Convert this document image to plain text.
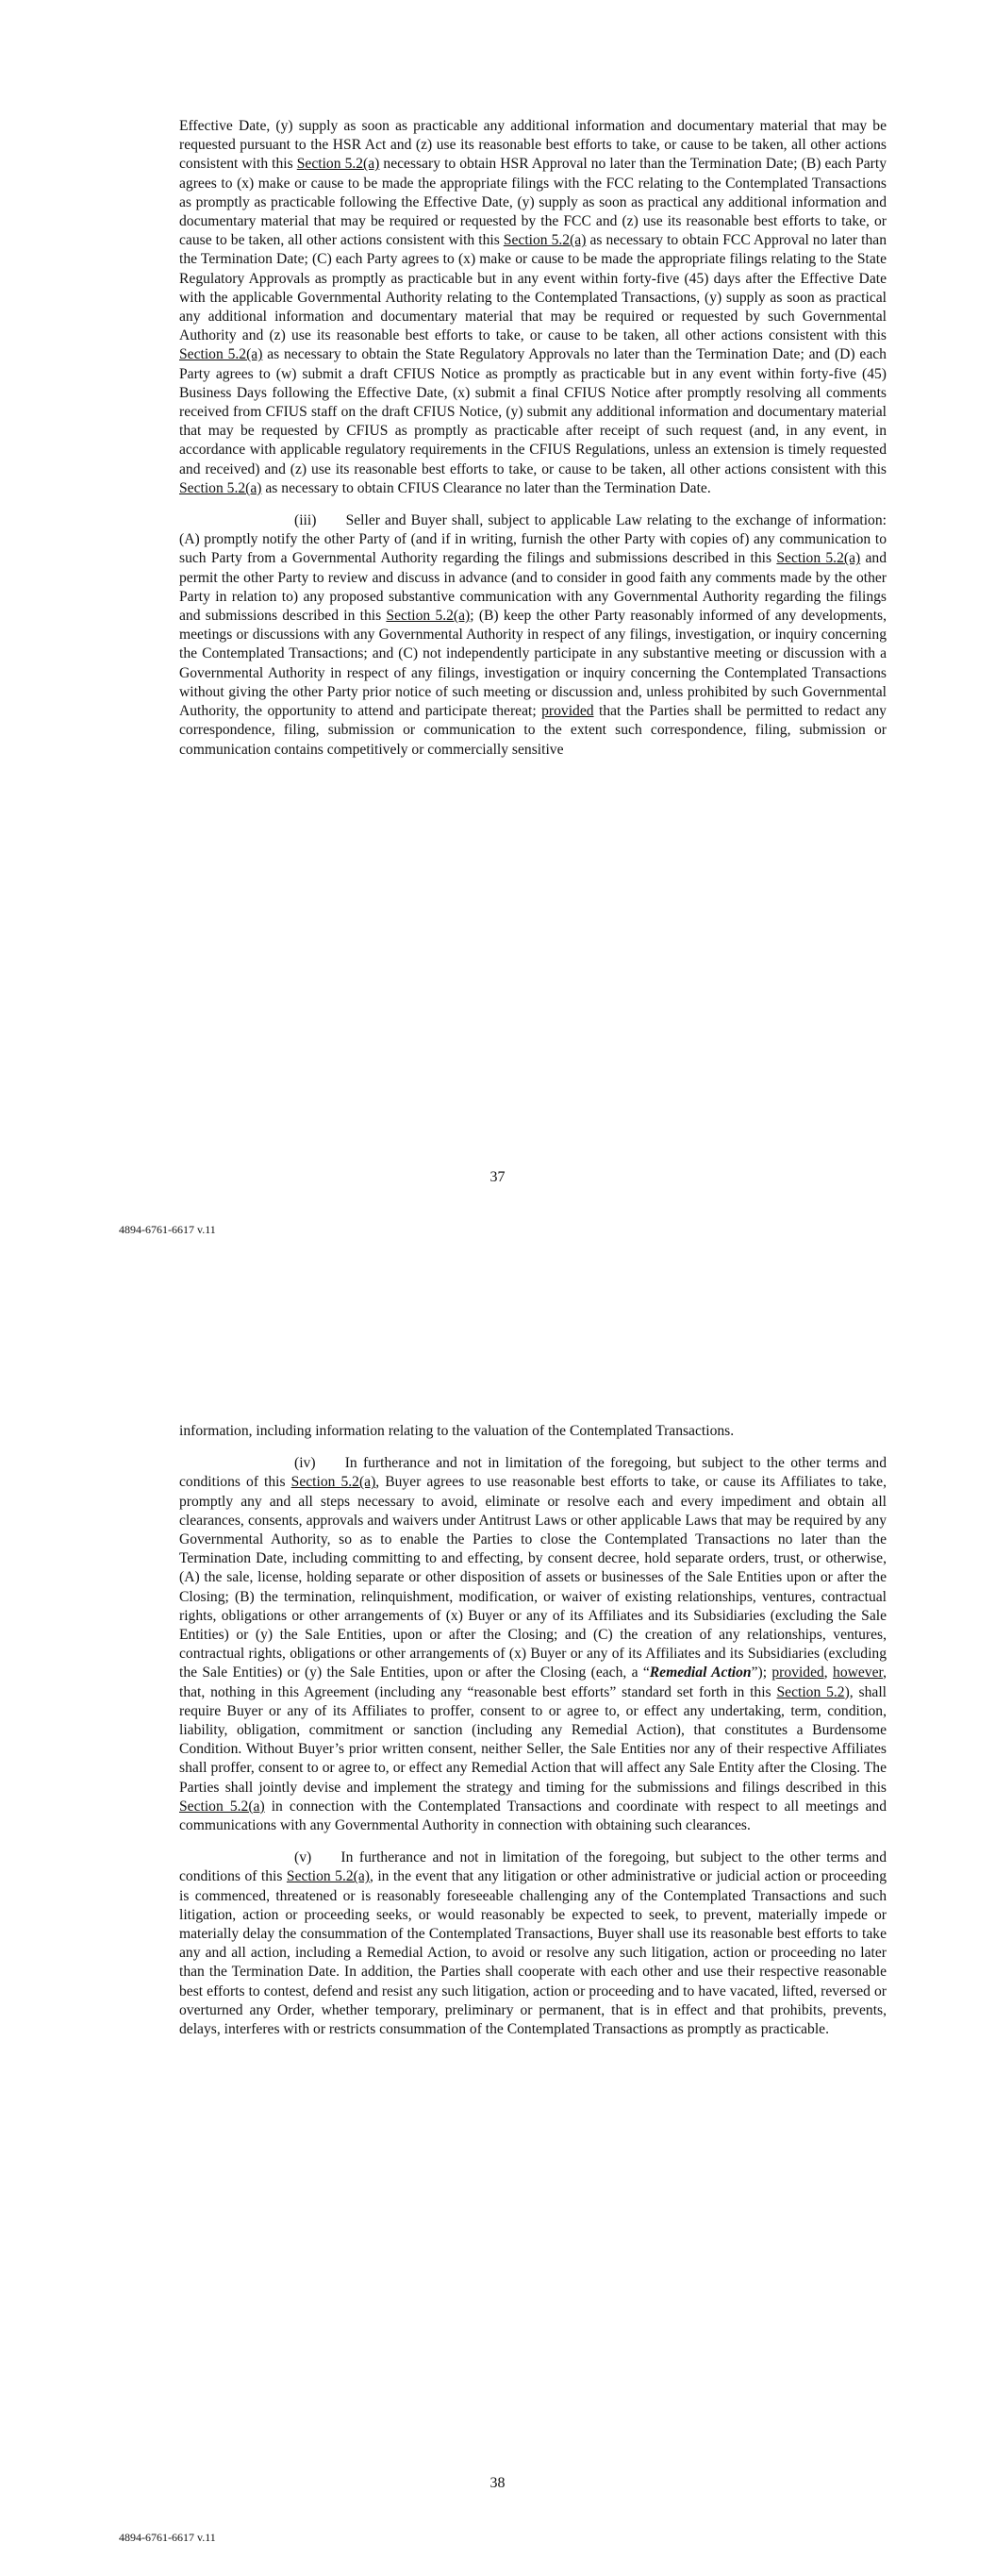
Effective Date, (y) supply as soon as practicable any additional information and documentary material that may be requested pursuant to the HSR Act and (z) use its reasonable best efforts to take, or cause to be taken, all other actions consistent with this Section 5.2(a) necessary to obtain HSR Approval no later than the Termination Date; (B) each Party agrees to (x) make or cause to be made the appropriate filings with the FCC relating to the Contemplated Transactions as promptly as practicable following the Effective Date, (y) supply as soon as practical any additional information and documentary material that may be required or requested by the FCC and (z) use its reasonable best efforts to take, or cause to be taken, all other actions consistent with this Section 5.2(a) as necessary to obtain FCC Approval no later than the Termination Date; (C) each Party agrees to (x) make or cause to be made the appropriate filings relating to the State Regulatory Approvals as promptly as practicable but in any event within forty-five (45) days after the Effective Date with the applicable Governmental Authority relating to the Contemplated Transactions, (y) supply as soon as practical any additional information and documentary material that may be required or requested by such Governmental Authority and (z) use its reasonable best efforts to take, or cause to be taken, all other actions consistent with this Section 5.2(a) as necessary to obtain the State Regulatory Approvals no later than the Termination Date; and (D) each Party agrees to (w) submit a draft CFIUS Notice as promptly as practicable but in any event within forty-five (45) Business Days following the Effective Date, (x) submit a final CFIUS Notice after promptly resolving all comments received from CFIUS staff on the draft CFIUS Notice, (y) submit any additional information and documentary material that may be requested by CFIUS as promptly as practicable after receipt of such request (and, in any event, in accordance with applicable regulatory requirements in the CFIUS Regulations, unless an extension is timely requested and received) and (z) use its reasonable best efforts to take, or cause to be taken, all other actions consistent with this Section 5.2(a) as necessary to obtain CFIUS Clearance no later than the Termination Date.

(iii)  Seller and Buyer shall, subject to applicable Law relating to the exchange of information: (A) promptly notify the other Party of (and if in writing, furnish the other Party with copies of) any communication to such Party from a Governmental Authority regarding the filings and submissions described in this Section 5.2(a) and permit the other Party to review and discuss in advance (and to consider in good faith any comments made by the other Party in relation to) any proposed substantive communication with any Governmental Authority regarding the filings and submissions described in this Section 5.2(a); (B) keep the other Party reasonably informed of any developments, meetings or discussions with any Governmental Authority in respect of any filings, investigation, or inquiry concerning the Contemplated Transactions; and (C) not independently participate in any substantive meeting or discussion with a Governmental Authority in respect of any filings, investigation or inquiry concerning the Contemplated Transactions without giving the other Party prior notice of such meeting or discussion and, unless prohibited by such Governmental Authority, the opportunity to attend and participate thereat; provided that the Parties shall be permitted to redact any correspondence, filing, submission or communication to the extent such correspondence, filing, submission or communication contains competitively or commercially sensitive

37
4894-6761-6617 v.11

information, including information relating to the valuation of the Contemplated Transactions.

(iv)  In furtherance and not in limitation of the foregoing, but subject to the other terms and conditions of this Section 5.2(a), Buyer agrees to use reasonable best efforts to take, or cause its Affiliates to take, promptly any and all steps necessary to avoid, eliminate or resolve each and every impediment and obtain all clearances, consents, approvals and waivers under Antitrust Laws or other applicable Laws that may be required by any Governmental Authority, so as to enable the Parties to close the Contemplated Transactions no later than the Termination Date, including committing to and effecting, by consent decree, hold separate orders, trust, or otherwise, (A) the sale, license, holding separate or other disposition of assets or businesses of the Sale Entities upon or after the Closing; (B) the termination, relinquishment, modification, or waiver of existing relationships, ventures, contractual rights, obligations or other arrangements of (x) Buyer or any of its Affiliates and its Subsidiaries (excluding the Sale Entities) or (y) the Sale Entities, upon or after the Closing; and (C) the creation of any relationships, ventures, contractual rights, obligations or other arrangements of (x) Buyer or any of its Affiliates and its Subsidiaries (excluding the Sale Entities) or (y) the Sale Entities, upon or after the Closing (each, a “Remedial Action”); provided, however, that, nothing in this Agreement (including any “reasonable best efforts” standard set forth in this Section 5.2), shall require Buyer or any of its Affiliates to proffer, consent to or agree to, or effect any undertaking, term, condition, liability, obligation, commitment or sanction (including any Remedial Action), that constitutes a Burdensome Condition. Without Buyer’s prior written consent, neither Seller, the Sale Entities nor any of their respective Affiliates shall proffer, consent to or agree to, or effect any Remedial Action that will affect any Sale Entity after the Closing. The Parties shall jointly devise and implement the strategy and timing for the submissions and filings described in this Section 5.2(a) in connection with the Contemplated Transactions and coordinate with respect to all meetings and communications with any Governmental Authority in connection with obtaining such clearances.

(v)  In furtherance and not in limitation of the foregoing, but subject to the other terms and conditions of this Section 5.2(a), in the event that any litigation or other administrative or judicial action or proceeding is commenced, threatened or is reasonably foreseeable challenging any of the Contemplated Transactions and such litigation, action or proceeding seeks, or would reasonably be expected to seek, to prevent, materially impede or materially delay the consummation of the Contemplated Transactions, Buyer shall use its reasonable best efforts to take any and all action, including a Remedial Action, to avoid or resolve any such litigation, action or proceeding no later than the Termination Date. In addition, the Parties shall cooperate with each other and use their respective reasonable best efforts to contest, defend and resist any such litigation, action or proceeding and to have vacated, lifted, reversed or overturned any Order, whether temporary, preliminary or permanent, that is in effect and that prohibits, prevents, delays, interferes with or restricts consummation of the Contemplated Transactions as promptly as practicable.

38
4894-6761-6617 v.11
